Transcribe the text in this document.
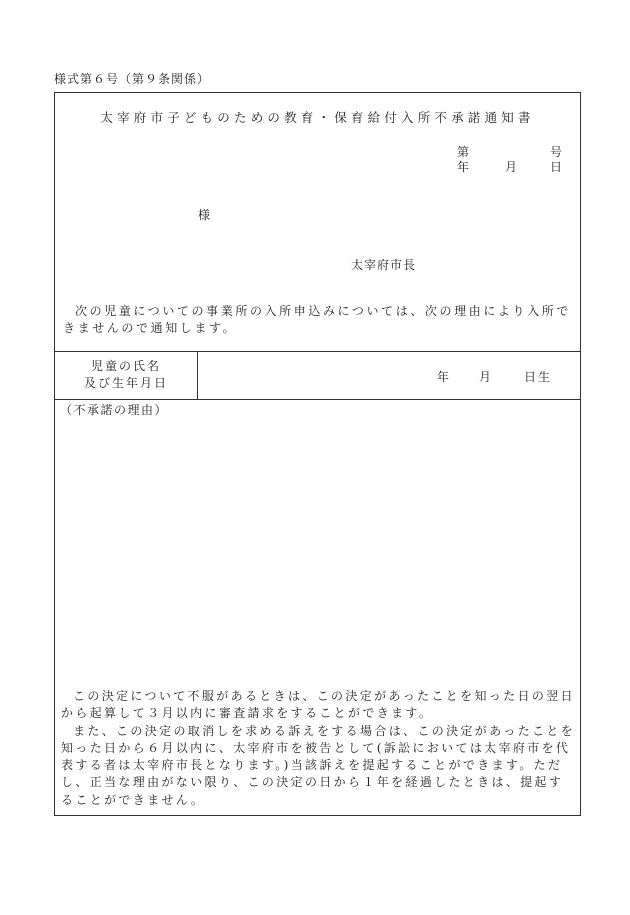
様式第６号（第９条関係）
太宰府市子どものための教育・保育給付入所不承諾通知書
第	号
年	月	日
様
太宰府市長
次の児童についての事業所の入所申込みについては、次の理由により入所できませんので通知します。
児童の氏名
及び生年月日	年 月	日生
（不承諾の理由）

この決定について不服があるときは、この決定があったことを知った日の翌日から起算して３月以内に審査請求をすることができます。

また、この決定の取消しを求める訴えをする場合は、この決定があったことを知った日から６月以内に、太宰府市を被告として(訴訟においては太宰府市を代表する者は太宰府市長となります。)当該訴えを提起することができます。ただし、正当な理由がない限り、この決定の日から１年を経過したときは、提起することができません。
